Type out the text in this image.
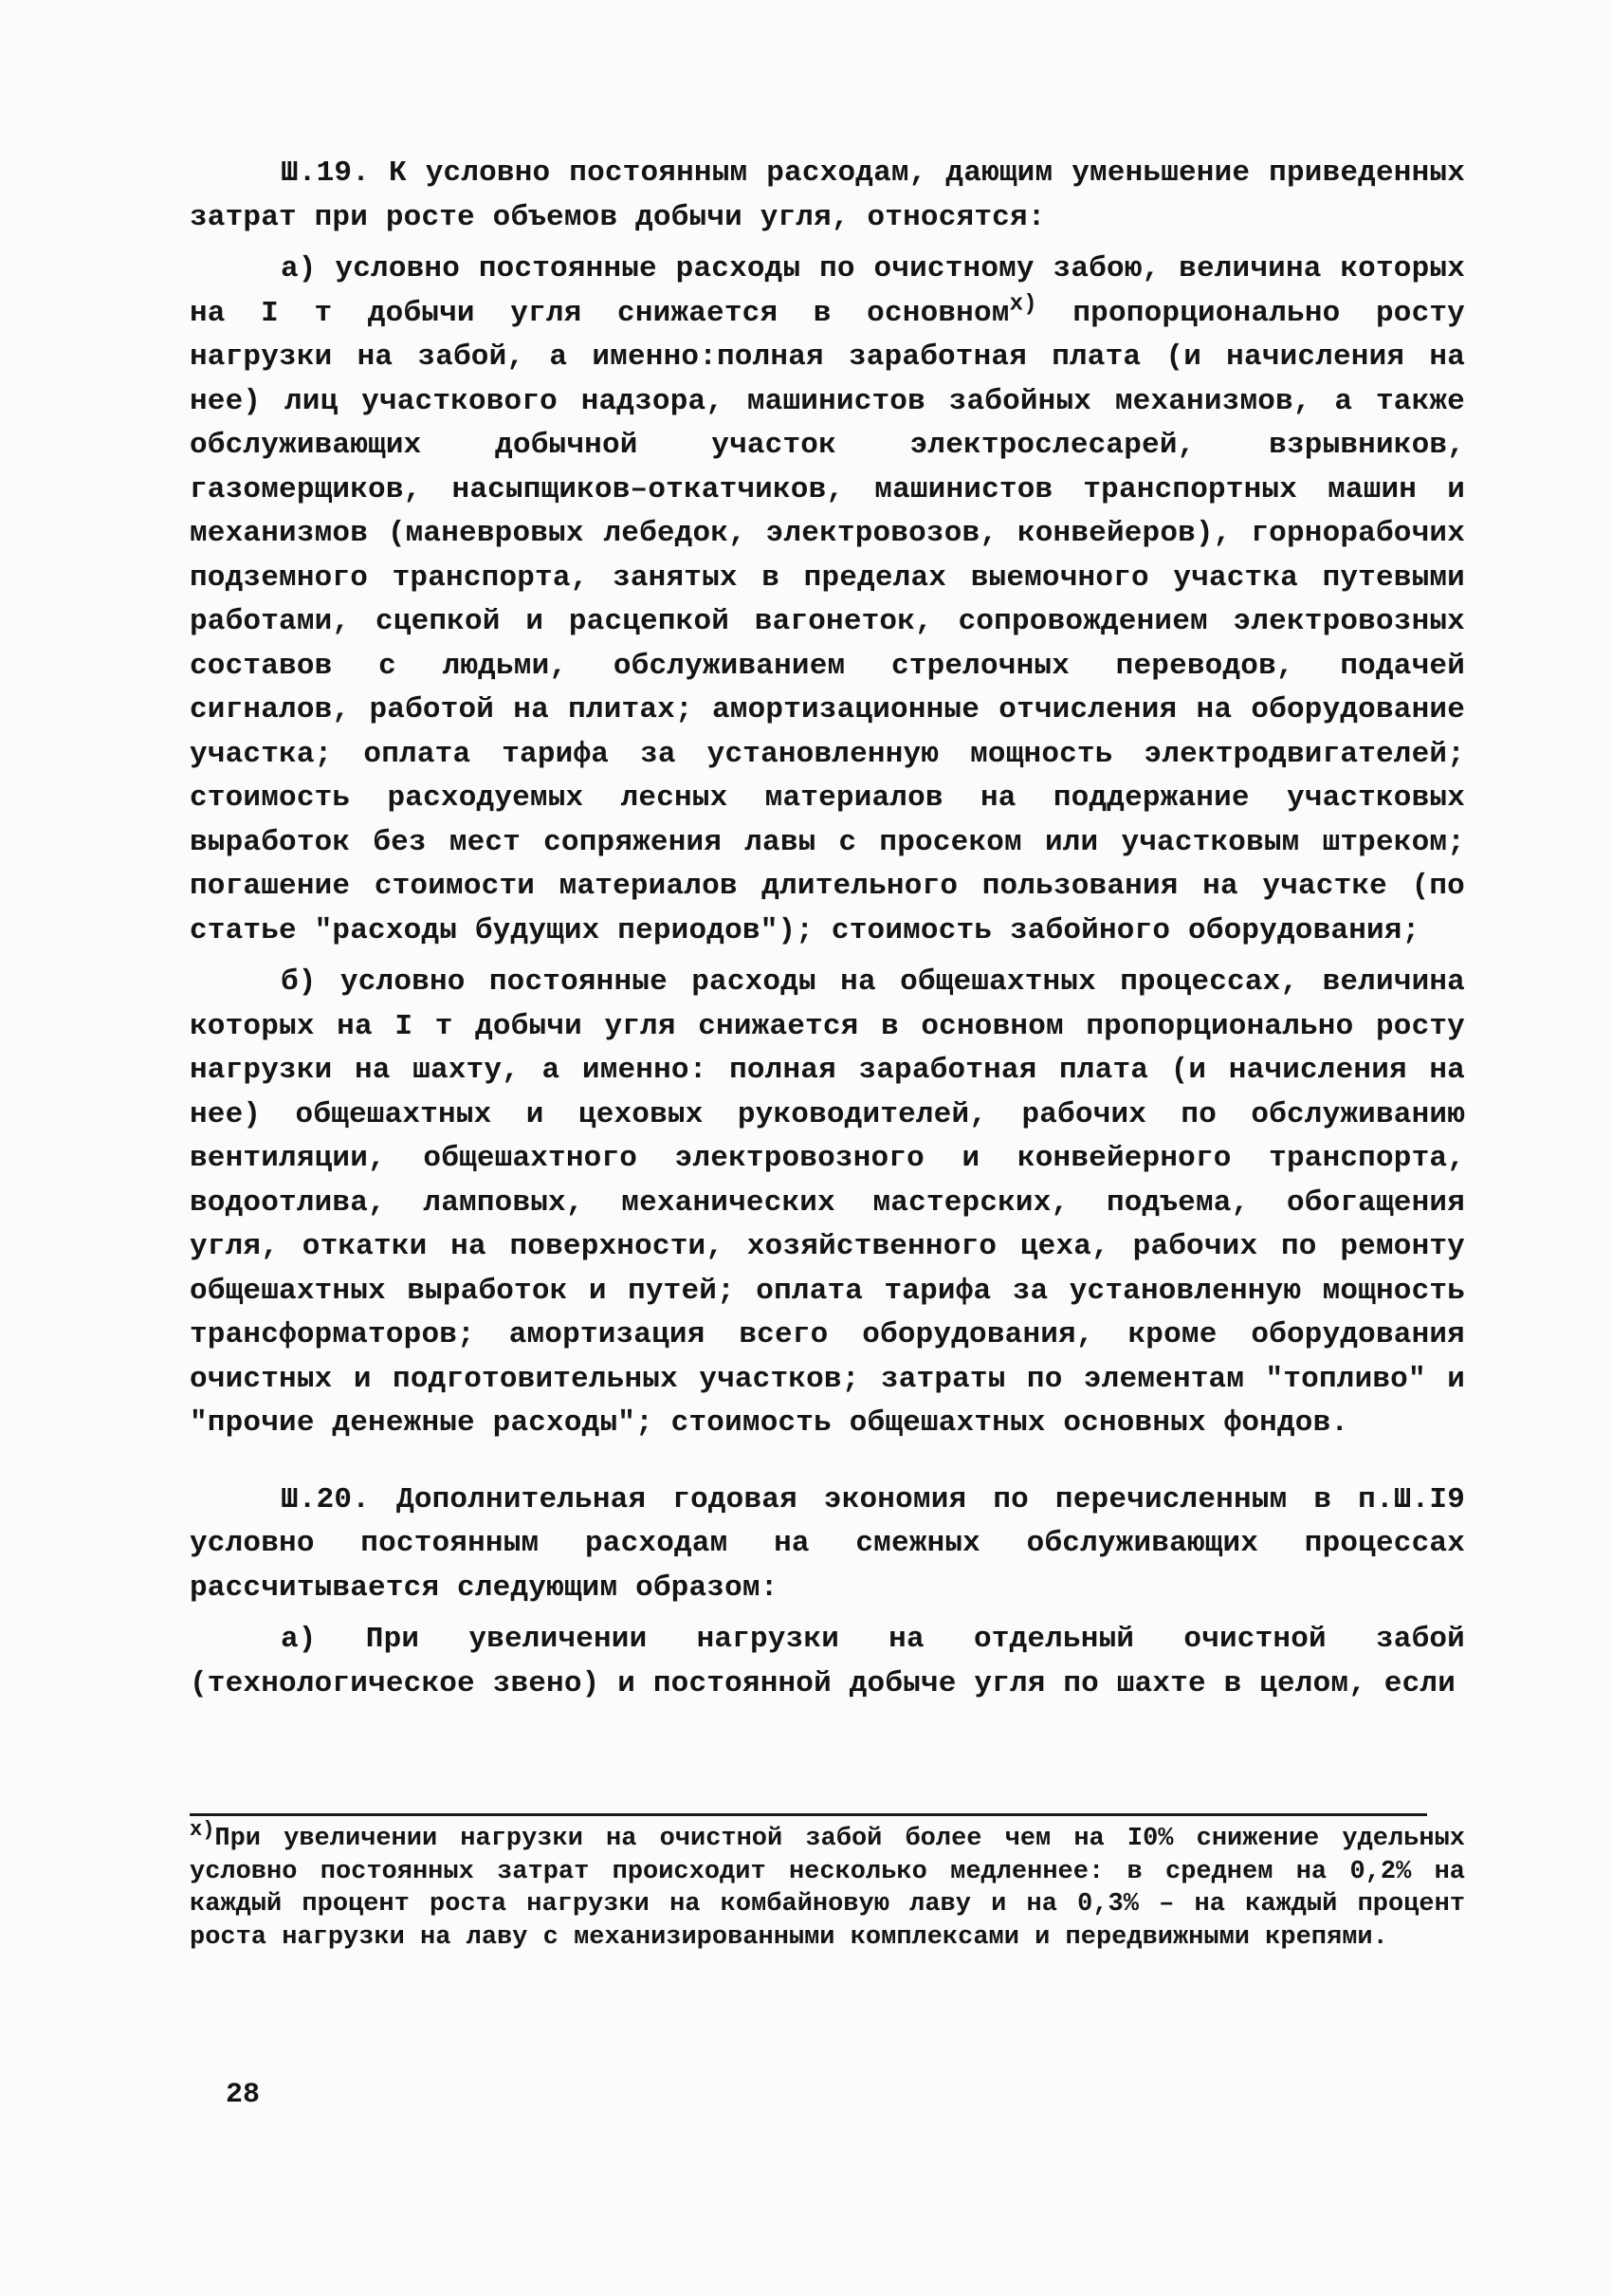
Ш.19. К условно постоянным расходам, дающим уменьшение приведенных затрат при росте объемов добычи угля, относятся:

а) условно постоянные расходы по очистному забою, величина которых на I т добычи угля снижается в основном$^{x)}$ пропорционально росту нагрузки на забой, а именно:полная заработная плата (и начисления на нее) лиц участкового надзора, машинистов забойных механизмов, а также обслуживающих добычной участок электрослесарей, взрывников, газомерщиков, насыпщиков–откатчиков, машинистов транспортных машин и механизмов (маневровых лебедок, электровозов, конвейеров), горнорабочих подземного транспорта, занятых в пределах выемочного участка путевыми работами, сцепкой и расцепкой вагонеток, сопровождением электровозных составов с людьми, обслуживанием стрелочных переводов, подачей сигналов, работой на плитах; амортизационные отчисления на оборудование участка; оплата тарифа за установленную мощность электродвигателей; стоимость расходуемых лесных материалов на поддержание участковых выработок без мест сопряжения лавы с просеком или участковым штреком; погашение стоимости материалов длительного пользования на участке (по статье "расходы будущих периодов"); стоимость забойного оборудования;

б) условно постоянные расходы на общешахтных процессах, величина которых на I т добычи угля снижается в основном пропорционально росту нагрузки на шахту, а именно: полная заработная плата (и начисления на нее) общешахтных и цеховых руководителей, рабочих по обслуживанию вентиляции, общешахтного электровозного и конвейерного транспорта, водоотлива, ламповых, механических мастерских, подъема, обогащения угля, откатки на поверхности, хозяйственного цеха, рабочих по ремонту общешахтных выработок и путей; оплата тарифа за установленную мощность трансформаторов; амортизация всего оборудования, кроме оборудования очистных и подготовительных участков; затраты по элементам "топливо" и "прочие денежные расходы"; стоимость общешахтных основных фондов.

Ш.20. Дополнительная годовая экономия по перечисленным в п.Ш.I9 условно постоянным расходам на смежных обслуживающих процессах рассчитывается следующим образом:

а) При увеличении нагрузки на отдельный очистной забой (технологическое звено) и постоянной добыче угля по шахте в целом, если

$^{x)}$При увеличении нагрузки на очистной забой более чем на I0% снижение удельных условно постоянных затрат происходит несколько медленнее: в среднем на 0,2% на каждый процент роста нагрузки на комбайновую лаву и на 0,3% – на каждый процент роста нагрузки на лаву с механизированными комплексами и передвижными крепями.
28
